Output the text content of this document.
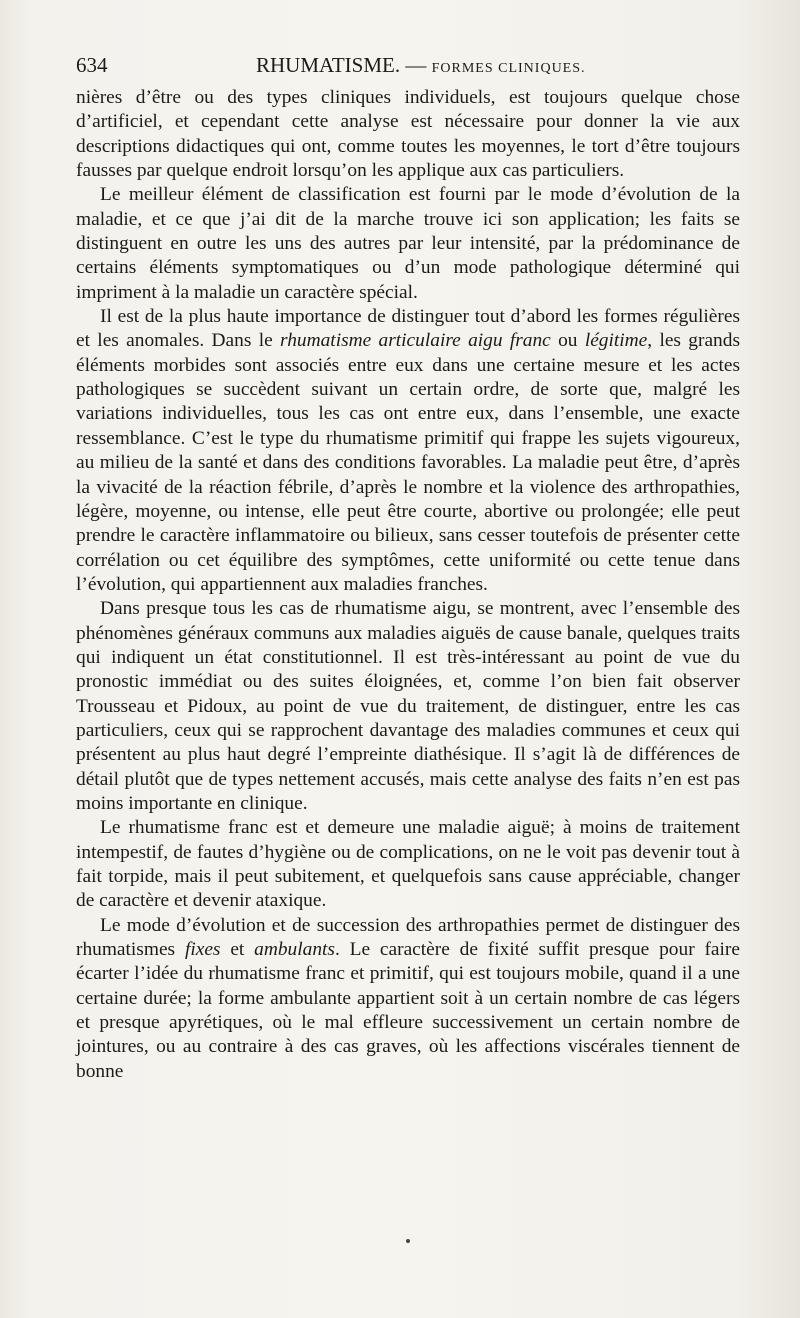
634	RHUMATISME. — FORMES CLINIQUES.

nières d’être ou des types cliniques individuels, est toujours quelque chose d’artificiel, et cependant cette analyse est nécessaire pour donner la vie aux descriptions didactiques qui ont, comme toutes les moyennes, le tort d’être toujours fausses par quelque endroit lorsqu’on les applique aux cas particuliers.

Le meilleur élément de classification est fourni par le mode d’évolution de la maladie, et ce que j’ai dit de la marche trouve ici son application; les faits se distinguent en outre les uns des autres par leur intensité, par la prédominance de certains éléments symptomatiques ou d’un mode pathologique déterminé qui impriment à la maladie un caractère spécial.

Il est de la plus haute importance de distinguer tout d’abord les formes régulières et les anomales. Dans le rhumatisme articulaire aigu franc ou légitime, les grands éléments morbides sont associés entre eux dans une certaine mesure et les actes pathologiques se succèdent suivant un certain ordre, de sorte que, malgré les variations individuelles, tous les cas ont entre eux, dans l’ensemble, une exacte ressemblance. C’est le type du rhumatisme primitif qui frappe les sujets vigoureux, au milieu de la santé et dans des conditions favorables. La maladie peut être, d’après la vivacité de la réaction fébrile, d’après le nombre et la violence des arthropathies, légère, moyenne, ou intense, elle peut être courte, abortive ou prolongée; elle peut prendre le caractère inflammatoire ou bilieux, sans cesser toutefois de présenter cette corrélation ou cet équilibre des symptômes, cette uniformité ou cette tenue dans l’évolution, qui appartiennent aux maladies franches.

Dans presque tous les cas de rhumatisme aigu, se montrent, avec l’ensemble des phénomènes généraux communs aux maladies aiguës de cause banale, quelques traits qui indiquent un état constitutionnel. Il est très-intéressant au point de vue du pronostic immédiat ou des suites éloignées, et, comme l’on bien fait observer Trousseau et Pidoux, au point de vue du traitement, de distinguer, entre les cas particuliers, ceux qui se rapprochent davantage des maladies communes et ceux qui présentent au plus haut degré l’empreinte diathésique. Il s’agit là de différences de détail plutôt que de types nettement accusés, mais cette analyse des faits n’en est pas moins importante en clinique.

Le rhumatisme franc est et demeure une maladie aiguë; à moins de traitement intempestif, de fautes d’hygiène ou de complications, on ne le voit pas devenir tout à fait torpide, mais il peut subitement, et quelquefois sans cause appréciable, changer de caractère et devenir ataxique.

Le mode d’évolution et de succession des arthropathies permet de distinguer des rhumatismes fixes et ambulants. Le caractère de fixité suffit presque pour faire écarter l’idée du rhumatisme franc et primitif, qui est toujours mobile, quand il a une certaine durée; la forme ambulante appartient soit à un certain nombre de cas légers et presque apyrétiques, où le mal effleure successivement un certain nombre de jointures, ou au contraire à des cas graves, où les affections viscérales tiennent de bonne
